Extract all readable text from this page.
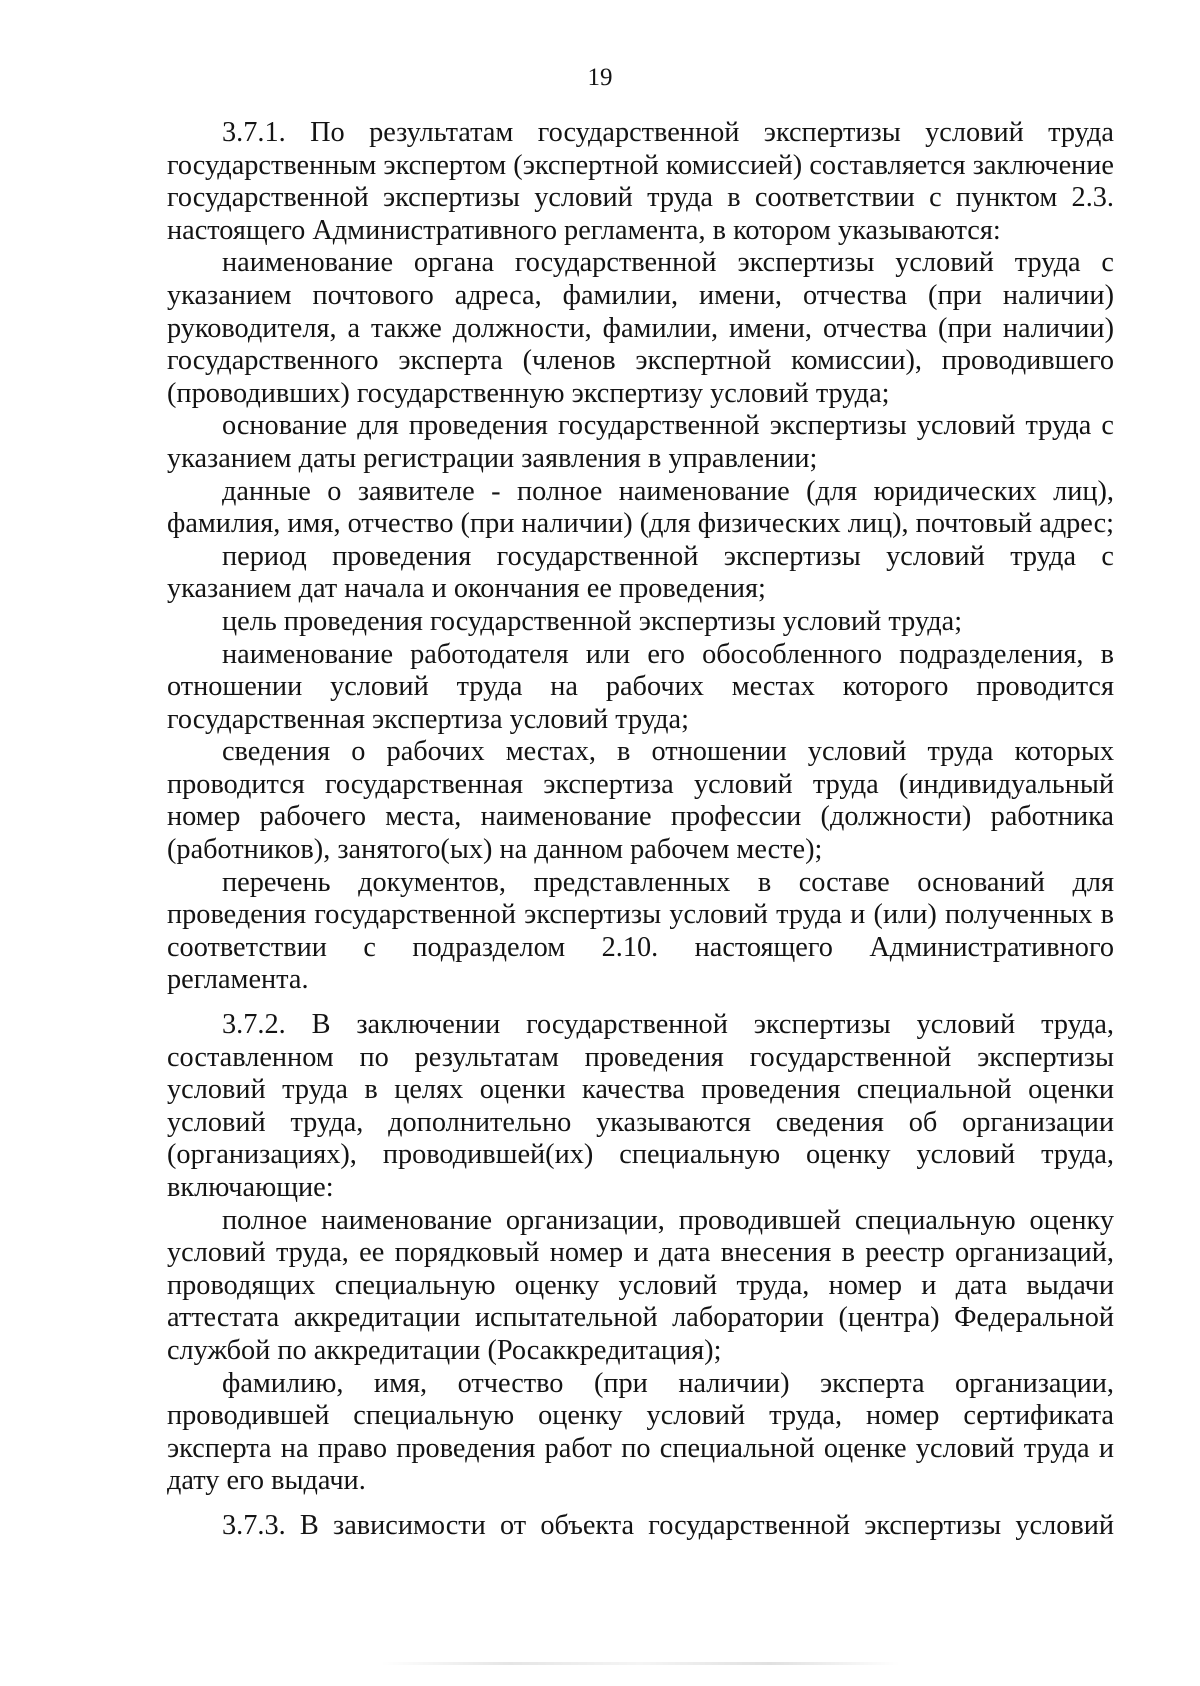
19

3.7.1. По результатам государственной экспертизы условий труда государственным экспертом (экспертной комиссией) составляется заключение государственной экспертизы условий труда в соответствии с пунктом 2.3. настоящего Административного регламента, в котором указываются:

наименование органа государственной экспертизы условий труда с указанием почтового адреса, фамилии, имени, отчества (при наличии) руководителя, а также должности, фамилии, имени, отчества (при наличии) государственного эксперта (членов экспертной комиссии), проводившего (проводивших) государственную экспертизу условий труда;

основание для проведения государственной экспертизы условий труда с указанием даты регистрации заявления в управлении;

данные о заявителе - полное наименование (для юридических лиц), фамилия, имя, отчество (при наличии) (для физических лиц), почтовый адрес;

период проведения государственной экспертизы условий труда с указанием дат начала и окончания ее проведения;

цель проведения государственной экспертизы условий труда;

наименование работодателя или его обособленного подразделения, в отношении условий труда на рабочих местах которого проводится государственная экспертиза условий труда;

сведения о рабочих местах, в отношении условий труда которых проводится государственная экспертиза условий труда (индивидуальный номер рабочего места, наименование профессии (должности) работника (работников), занятого(ых) на данном рабочем месте);

перечень документов, представленных в составе оснований для проведения государственной экспертизы условий труда и (или) полученных в соответствии с подразделом 2.10. настоящего Административного регламента.

3.7.2. В заключении государственной экспертизы условий труда, составленном по результатам проведения государственной экспертизы условий труда в целях оценки качества проведения специальной оценки условий труда, дополнительно указываются сведения об организации (организациях), проводившей(их) специальную оценку условий труда, включающие:

полное наименование организации, проводившей специальную оценку условий труда, ее порядковый номер и дата внесения в реестр организаций, проводящих специальную оценку условий труда, номер и дата выдачи аттестата аккредитации испытательной лаборатории (центра) Федеральной службой по аккредитации (Росаккредитация);

фамилию, имя, отчество (при наличии) эксперта организации, проводившей специальную оценку условий труда, номер сертификата эксперта на право проведения работ по специальной оценке условий труда и дату его выдачи.

3.7.3. В зависимости от объекта государственной экспертизы условий
